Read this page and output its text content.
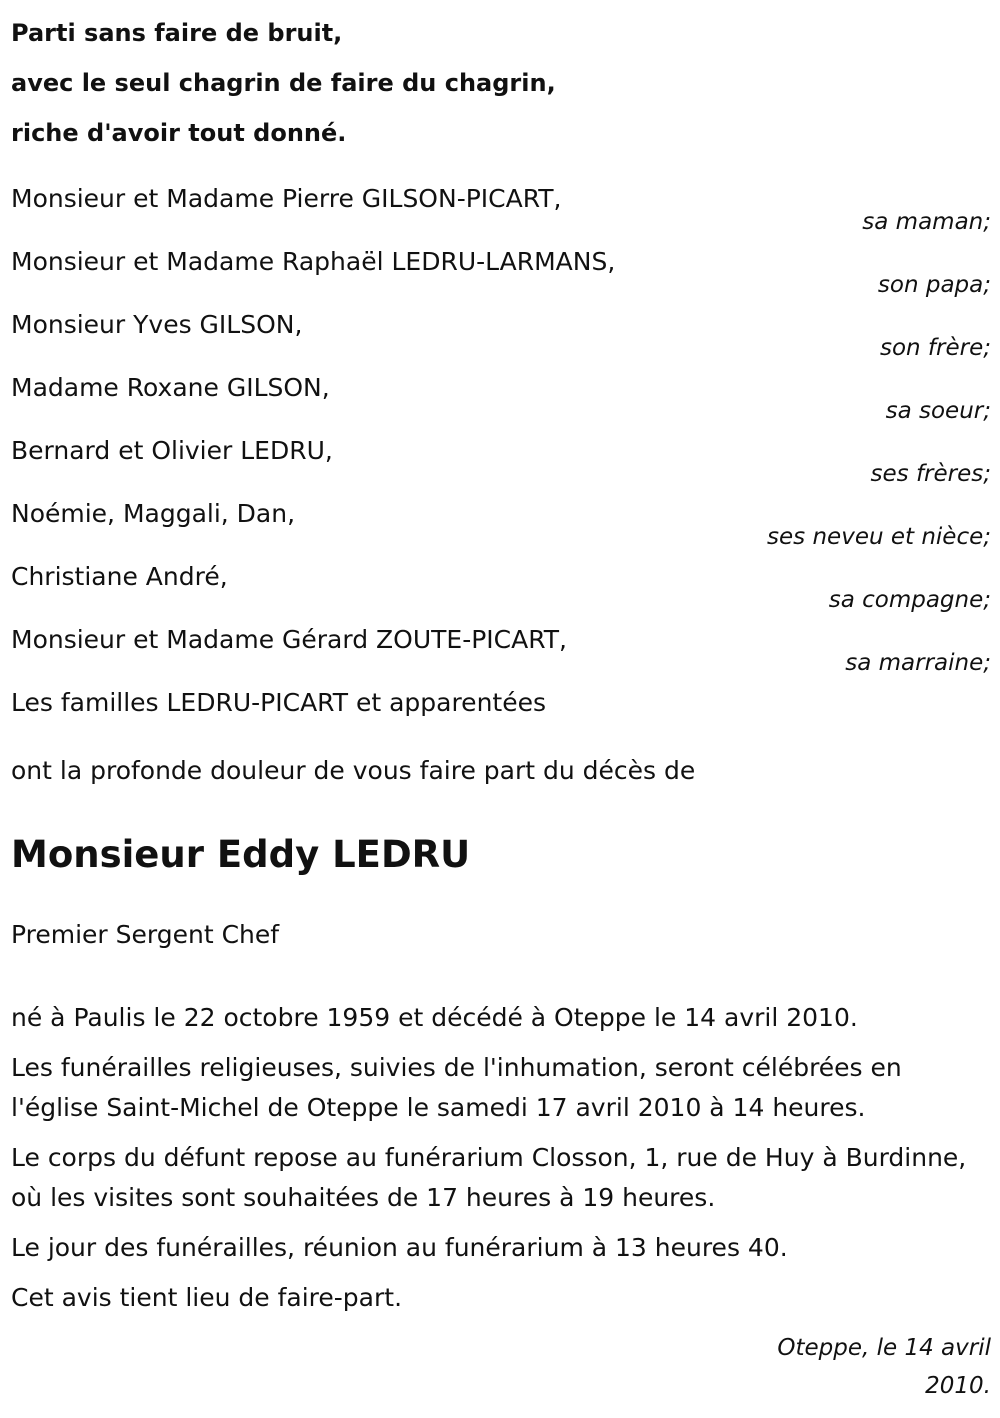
Parti sans faire de bruit,

avec le seul chagrin de faire du chagrin,

riche d'avoir tout donné.

Monsieur et Madame Pierre GILSON-PICART,
sa maman;
Monsieur et Madame Raphaël LEDRU-LARMANS,
son papa;
Monsieur Yves GILSON,
son frère;
Madame Roxane GILSON,
sa soeur;
Bernard et Olivier LEDRU,
ses frères;
Noémie, Maggali, Dan,
ses neveu et nièce;
Christiane André,
sa compagne;
Monsieur et Madame Gérard ZOUTE-PICART,
sa marraine;
Les familles LEDRU-PICART et apparentées
ont la profonde douleur de vous faire part du décès de
Monsieur Eddy LEDRU
Premier Sergent Chef

né à Paulis le 22 octobre 1959 et décédé à Oteppe le 14 avril 2010.

Les funérailles religieuses, suivies de l'inhumation, seront célébrées en l'église Saint-Michel de Oteppe le samedi 17 avril 2010 à 14 heures.

Le corps du défunt repose au funérarium Closson, 1, rue de Huy à Burdinne, où les visites sont souhaitées de 17 heures à 19 heures.

Le jour des funérailles, réunion au funérarium à 13 heures 40.

Cet avis tient lieu de faire-part.

Oteppe, le 14 avril 2010.
